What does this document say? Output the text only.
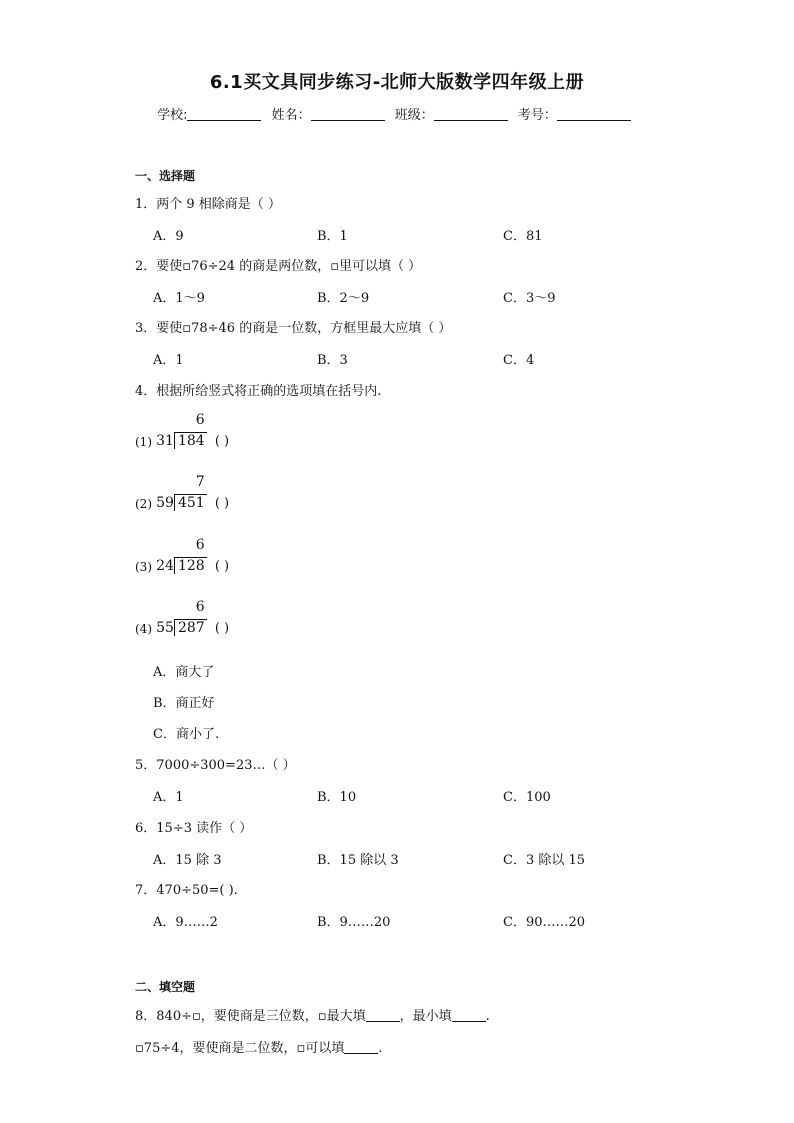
6.1买文具同步练习-北师大版数学四年级上册
学校:	姓名：	班级：	考号：
一、选择题
1．两个 9 相除商是（ ）
A．9	B．1	C．81
2．要使▫76÷24 的商是两位数，▫里可以填（ ）
A．1～9	B．2～9	C．3～9
3．要使▫78÷46 的商是一位数，方框里最大应填（ ）
A．1	B．3	C．4
4．根据所给竖式将正确的选项填在括号内.
(1) $31 \frac{6}{184}$ ( )
(2) $59 \frac{7}{451}$ ( )
(3) $24 \frac{6}{128}$ ( )
(4) $55 \frac{6}{287}$ ( )
A．商大了
B．商正好
C．商小了.
5．7000÷300=23…（ ）
A．1	B．10	C．100
6．15÷3 读作（ ）
A．15 除 3	B．15 除以 3	C．3 除以 15
7．470÷50=( ).
A．9……2	B．9……20	C．90……20
二、填空题
8．840÷▫，要使商是三位数，▫最大填	，最小填	.
▫75÷4，要使商是二位数，▫可以填	.
